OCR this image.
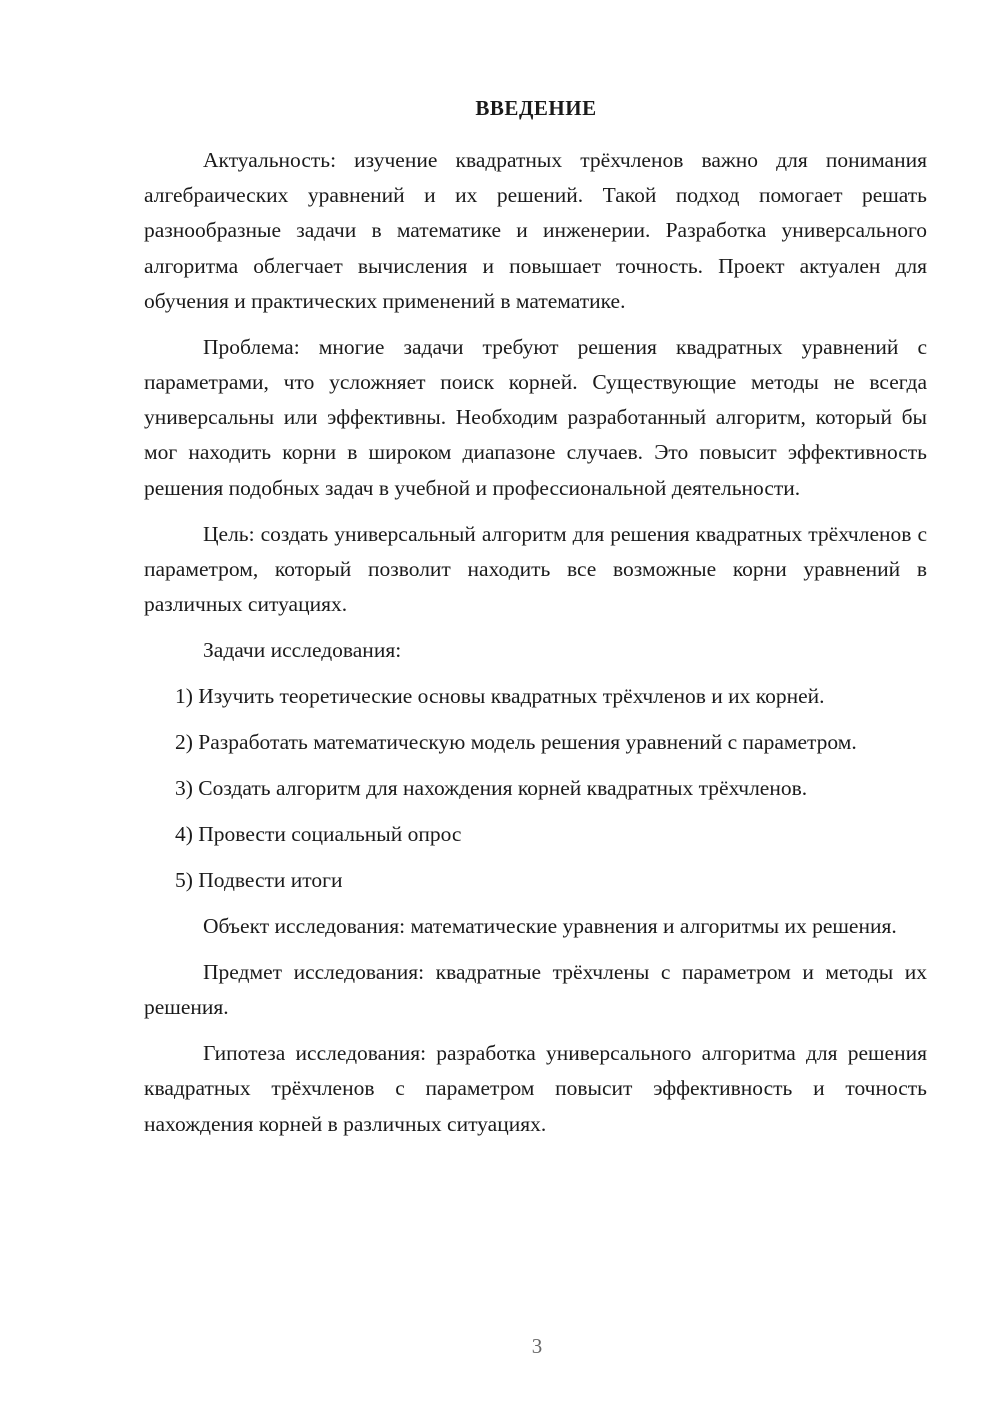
ВВЕДЕНИЕ

Актуальность: изучение квадратных трёхчленов важно для понимания алгебраических уравнений и их решений. Такой подход помогает решать разнообразные задачи в математике и инженерии. Разработка универсального алгоритма облегчает вычисления и повышает точность. Проект актуален для обучения и практических применений в математике.

Проблема: многие задачи требуют решения квадратных уравнений с параметрами, что усложняет поиск корней. Существующие методы не всегда универсальны или эффективны. Необходим разработанный алгоритм, который бы мог находить корни в широком диапазоне случаев. Это повысит эффективность решения подобных задач в учебной и профессиональной деятельности.

Цель: создать универсальный алгоритм для решения квадратных трёхчленов с параметром, который позволит находить все возможные корни уравнений в различных ситуациях.

Задачи исследования:

1) Изучить теоретические основы квадратных трёхчленов и их корней.

2) Разработать математическую модель решения уравнений с параметром.

3) Создать алгоритм для нахождения корней квадратных трёхчленов.

4) Провести социальный опрос

5) Подвести итоги

Объект исследования: математические уравнения и алгоритмы их решения.

Предмет исследования: квадратные трёхчлены с параметром и методы их решения.

Гипотеза исследования: разработка универсального алгоритма для решения квадратных трёхчленов с параметром повысит эффективность и точность нахождения корней в различных ситуациях.

3
